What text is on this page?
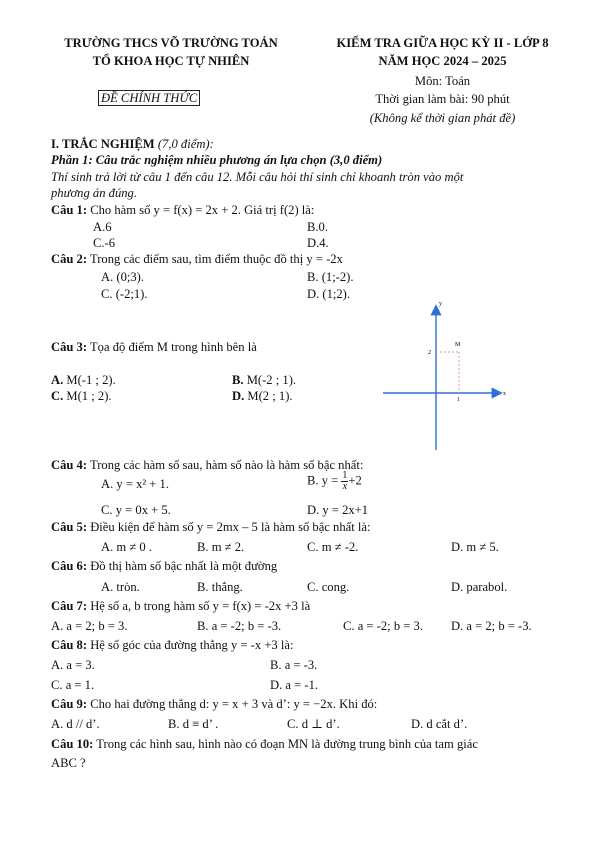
TRƯỜNG THCS VÕ TRƯỜNG TOẢN
TỔ KHOA HỌC TỰ NHIÊN
ĐỀ CHÍNH THỨC
KIỂM TRA GIỮA HỌC KỲ II - LỚP 8
NĂM HỌC 2024 – 2025
Môn: Toán
Thời gian làm bài: 90 phút
(Không kể thời gian phát đề)
I. TRẮC NGHIỆM (7,0 điểm):
Phần 1: Câu trắc nghiệm nhiều phương án lựa chọn (3,0 điểm)
Thí sinh trả lời từ câu 1 đến câu 12. Mỗi câu hỏi thí sinh chỉ khoanh tròn vào một
phương án đúng.
Câu 1: Cho hàm số y = f(x) = 2x + 2. Giá trị f(2) là:
A.6	B.0.
C.-6	D.4.
Câu 2: Trong các điểm sau, tìm điểm thuộc đồ thị y = -2x
A. (0;3).	B. (1;-2).
C. (-2;1).	D. (1;2).
Câu 3: Tọa độ điểm M trong hình bên là
A. M(-1 ; 2).	B. M(-2 ; 1).
C. M(1 ; 2).	D. M(2 ; 1).
y
x
M
2
1
Câu 4: Trong các hàm số sau, hàm số nào là hàm số bậc nhất:
A. y = x² + 1.	B. $y = \frac{1}{x} +2$
C. y = 0x + 5.	D. y = 2x+1
Câu 5: Điều kiện để hàm số y = 2mx – 5 là hàm số bậc nhất là:
A. m ≠ 0 .	B. m ≠ 2.	C. m ≠ -2.	D. m ≠ 5.
Câu 6: Đồ thị hàm số bậc nhất là một đường
A. tròn.	B. thẳng.	C. cong.	D. parabol.
Câu 7: Hệ số a, b trong hàm số y = f(x) = -2x +3 là
A. a = 2; b = 3.	B. a = -2; b = -3.	C. a = -2; b = 3. D. a = 2; b = -3.
Câu 8: Hệ số góc của đường thẳng y = -x +3 là:
A. a = 3.	B. a = -3.
C. a = 1.	D. a = -1.
Câu 9: Cho hai đường thẳng d: y = x + 3 và d’: y = −2x. Khi đó:
A. d // d’.	B. d ≡ d’ .	C. d ⊥ d’.	D. d cắt d’.
Câu 10: Trong các hình sau, hình nào có đoạn MN là đường trung bình của tam giác
ABC ?
